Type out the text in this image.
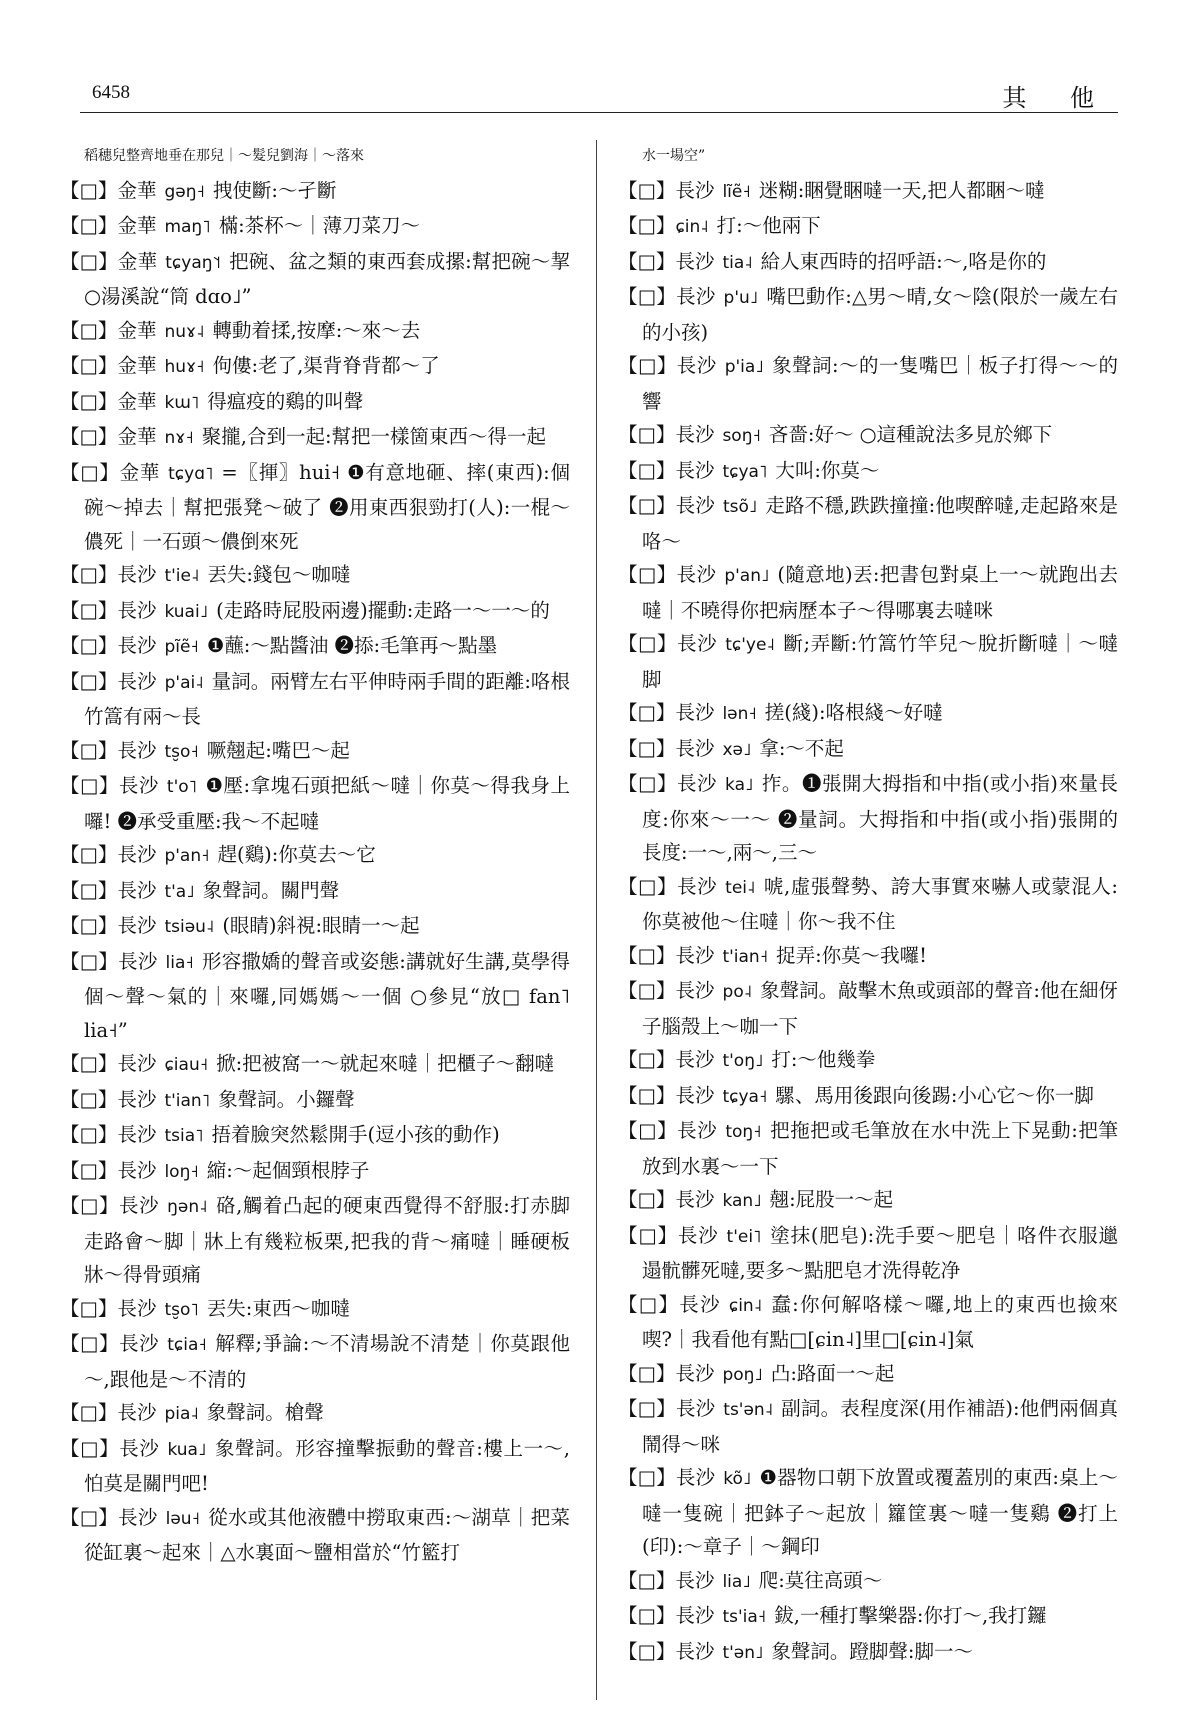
6458	其 他

稻穗兒整齊地垂在那兒｜～髮兒劉海｜～落來

【□】金華 gəŋ˧ 拽使斷:～孑斷

【□】金華 maŋ˥ 樠:茶杯～｜薄刀菜刀～

【□】金華 tɕyaŋ˥˦ 把碗、盆之類的東西套成摞:幫把碗～挈 ○湯溪說“筒 dɑo˩”

【□】金華 nuɤ˨ 轉動着揉,按摩:～來～去

【□】金華 huɤ˧ 佝僂:老了,渠背脊背都～了

【□】金華 kɯ˥ 得瘟疫的鷄的叫聲

【□】金華 nɤ˧ 聚攏,合到一起:幫把一樣箇東西～得一起

【□】金華 tɕyɑ˥ =〖揮〗hui˧ ❶有意地砸、摔(東西):個碗～掉去｜幫把張凳～破了 ❷用東西狠勁打(人):一棍～儂死｜一石頭～儂倒來死

【□】長沙 t'ie˨ 丟失:錢包～咖噠

【□】長沙 kuai˩ (走路時屁股兩邊)擺動:走路一～一～的

【□】長沙 pĩẽ˧ ❶蘸:～點醬油 ❷掭:毛筆再～點墨

【□】長沙 p'ai˨ 量詞。兩臂左右平伸時兩手間的距離:咯根竹篙有兩～長

【□】長沙 ts̮o˧ 噘翹起:嘴巴～起

【□】長沙 t'o˥ ❶壓:拿塊石頭把紙～噠｜你莫～得我身上囉! ❷承受重壓:我～不起噠

【□】長沙 p'an˧ 趕(鷄):你莫去～它

【□】長沙 t'a˩ 象聲詞。關門聲

【□】長沙 tsiəu˨ (眼睛)斜視:眼睛一～起

【□】長沙 lia˧ 形容撒嬌的聲音或姿態:講就好生講,莫學得個～聲～氣的｜來囉,同媽媽～一個 ○參見“放□ fan˥ lia˧”

【□】長沙 ɕiau˧ 掀:把被窩一～就起來噠｜把櫃子～翻噠

【□】長沙 t'ian˥ 象聲詞。小鑼聲

【□】長沙 tsia˥ 捂着臉突然鬆開手(逗小孩的動作)

【□】長沙 loŋ˧ 縮:～起個頸根脖子

【□】長沙 ŋən˨ 硌,觸着凸起的硬東西覺得不舒服:打赤脚走路會～脚｜牀上有幾粒板栗,把我的背～痛噠｜睡硬板牀～得骨頭痛

【□】長沙 ts̮o˥ 丟失:東西～咖噠

【□】長沙 tɕia˧ 解釋;爭論:～不清場說不清楚｜你莫跟他～,跟他是～不清的

【□】長沙 pia˨ 象聲詞。槍聲

【□】長沙 kua˩ 象聲詞。形容撞擊振動的聲音:樓上一～,怕莫是關門吧!

【□】長沙 ləu˧ 從水或其他液體中撈取東西:～湖草｜把菜從缸裏～起來｜△水裏面～鹽相當於“竹籃打

水一場空”

【□】長沙 lĩẽ˧ 迷糊:睏覺睏噠一天,把人都睏～噠

【□】ɕin˨ 打:～他兩下

【□】長沙 tia˨ 給人東西時的招呼語:～,咯是你的

【□】長沙 p'u˩ 嘴巴動作:△男～晴,女～陰(限於一歲左右的小孩)

【□】長沙 p'ia˩ 象聲詞:～的一隻嘴巴｜板子打得～～的響

【□】長沙 soŋ˧ 吝嗇:好～ ○這種說法多見於鄉下

【□】長沙 tɕya˥ 大叫:你莫～

【□】長沙 tsõ˩ 走路不穩,跌跌撞撞:他喫醉噠,走起路來是咯～

【□】長沙 p'an˩ (隨意地)丟:把書包對桌上一～就跑出去噠｜不曉得你把病歷本子～得哪裏去噠咪

【□】長沙 tɕ'ye˨ 斷;弄斷:竹篙竹竿兒～脫折斷噠｜～噠脚

【□】長沙 lən˧ 搓(綫):咯根綫～好噠

【□】長沙 xə˩ 拿:～不起

【□】長沙 ka˩ 拃。❶張開大拇指和中指(或小指)來量長度:你來～一～ ❷量詞。大拇指和中指(或小指)張開的長度:一～,兩～,三～

【□】長沙 tei˨ 唬,虛張聲勢、誇大事實來嚇人或蒙混人:你莫被他～住噠｜你～我不住

【□】長沙 t'ian˧ 捉弄:你莫～我囉!

【□】長沙 po˨ 象聲詞。敲擊木魚或頭部的聲音:他在細伢子腦殼上～咖一下

【□】長沙 t'oŋ˩ 打:～他幾拳

【□】長沙 tɕya˧ 騾、馬用後跟向後踢:小心它～你一脚

【□】長沙 toŋ˧ 把拖把或毛筆放在水中洗上下晃動:把筆放到水裏～一下

【□】長沙 kan˩ 翹:屁股一～起

【□】長沙 t'ei˥ 塗抹(肥皂):洗手要～肥皂｜咯件衣服邋遢骯髒死噠,要多～點肥皂才洗得乾净

【□】長沙 ɕin˨ 蠢:你何解咯樣～囉,地上的東西也撿來喫?｜我看他有點□[ɕin˨]里□[ɕin˨]氣

【□】長沙 poŋ˩ 凸:路面一～起

【□】長沙 ts'ən˨ 副詞。表程度深(用作補語):他們兩個真鬧得～咪

【□】長沙 kõ˩ ❶器物口朝下放置或覆蓋別的東西:桌上～噠一隻碗｜把鉢子～起放｜籮筐裏～噠一隻鷄 ❷打上(印):～章子｜～鋼印

【□】長沙 lia˩ 爬:莫往高頭～

【□】長沙 ts'ia˧ 鈸,一種打擊樂器:你打～,我打鑼

【□】長沙 t'ən˩ 象聲詞。蹬脚聲:脚一～
